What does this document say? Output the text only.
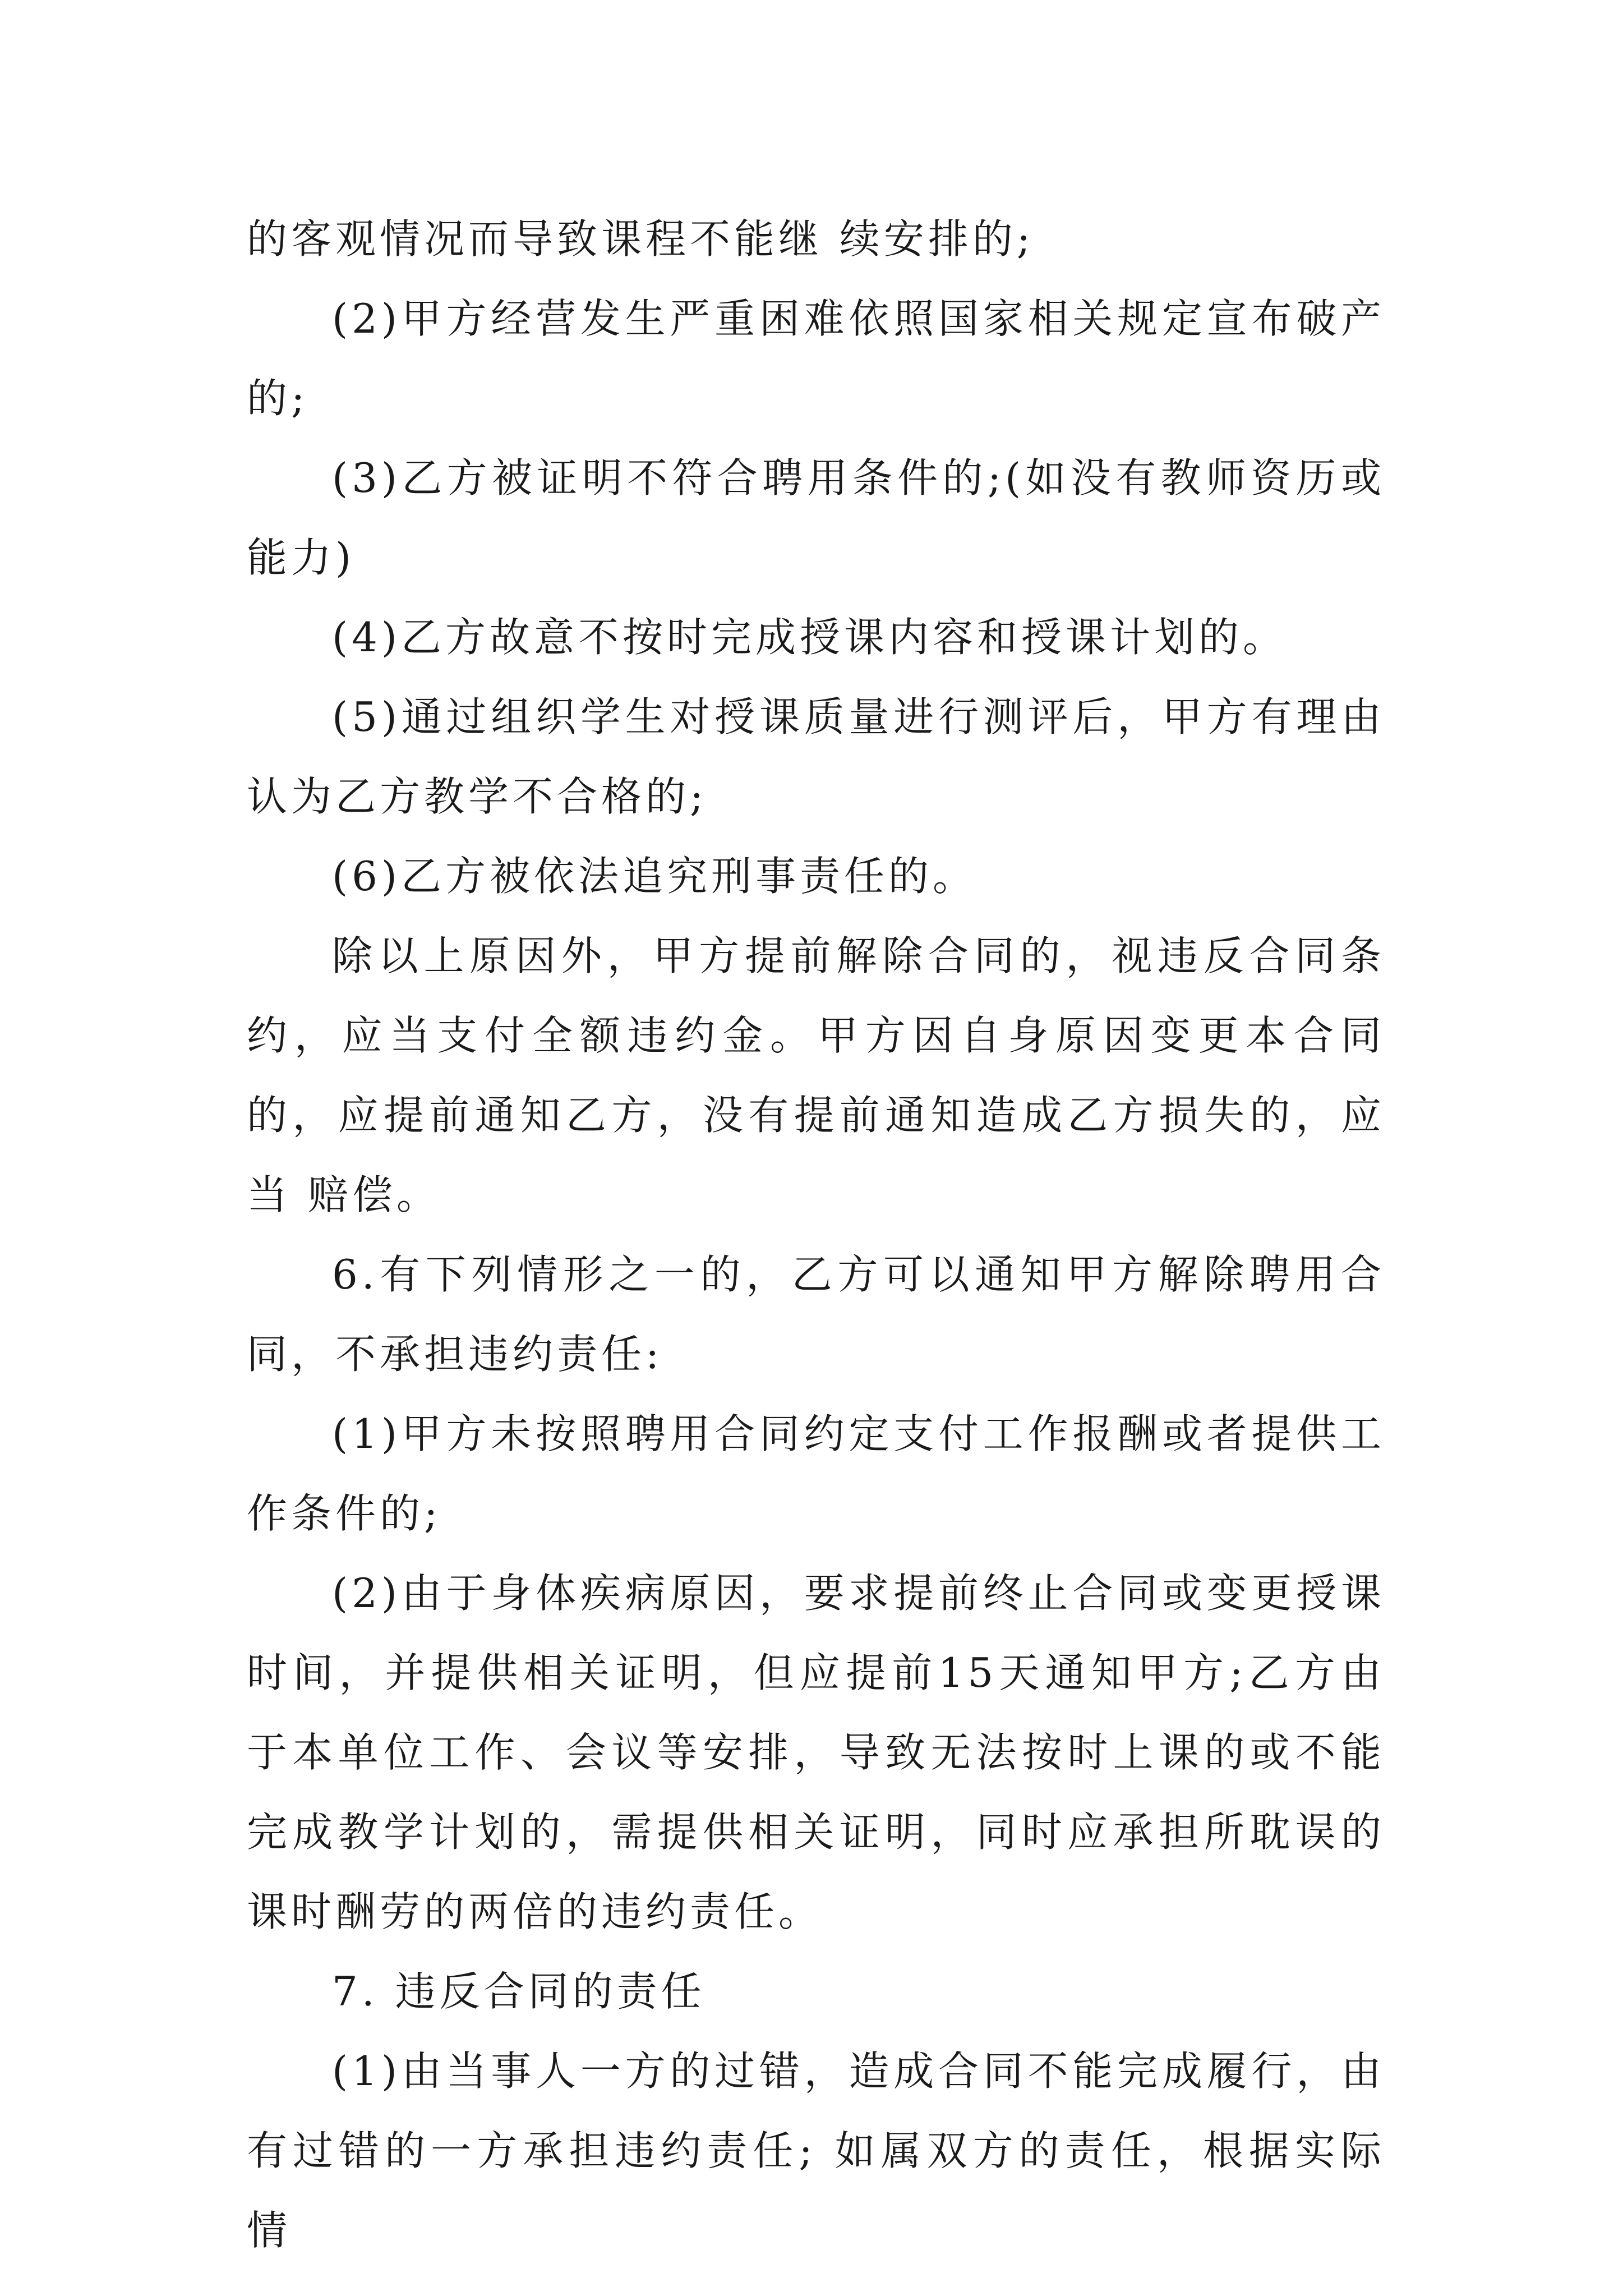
的客观情况而导致课程不能继 续安排的;

(2)甲方经营发生严重困难依照国家相关规定宣布破产的;

(3)乙方被证明不符合聘用条件的;(如没有教师资历或能力)

(4)乙方故意不按时完成授课内容和授课计划的。

(5)通过组织学生对授课质量进行测评后，甲方有理由认为乙方教学不合格的;

(6)乙方被依法追究刑事责任的。

除以上原因外，甲方提前解除合同的，视违反合同条约，应当支付全额违约金。甲方因自身原因变更本合同的，应提前通知乙方，没有提前通知造成乙方损失的，应当 赔偿。

6.有下列情形之一的，乙方可以通知甲方解除聘用合同，不承担违约责任:

(1)甲方未按照聘用合同约定支付工作报酬或者提供工作条件的;

(2)由于身体疾病原因，要求提前终止合同或变更授课时间，并提供相关证明，但应提前15天通知甲方;乙方由于本单位工作、会议等安排，导致无法按时上课的或不能完成教学计划的，需提供相关证明，同时应承担所耽误的课时酬劳的两倍的违约责任。

7. 违反合同的责任

(1)由当事人一方的过错，造成合同不能完成履行，由有过错的一方承担违约责任; 如属双方的责任，根据实际情
